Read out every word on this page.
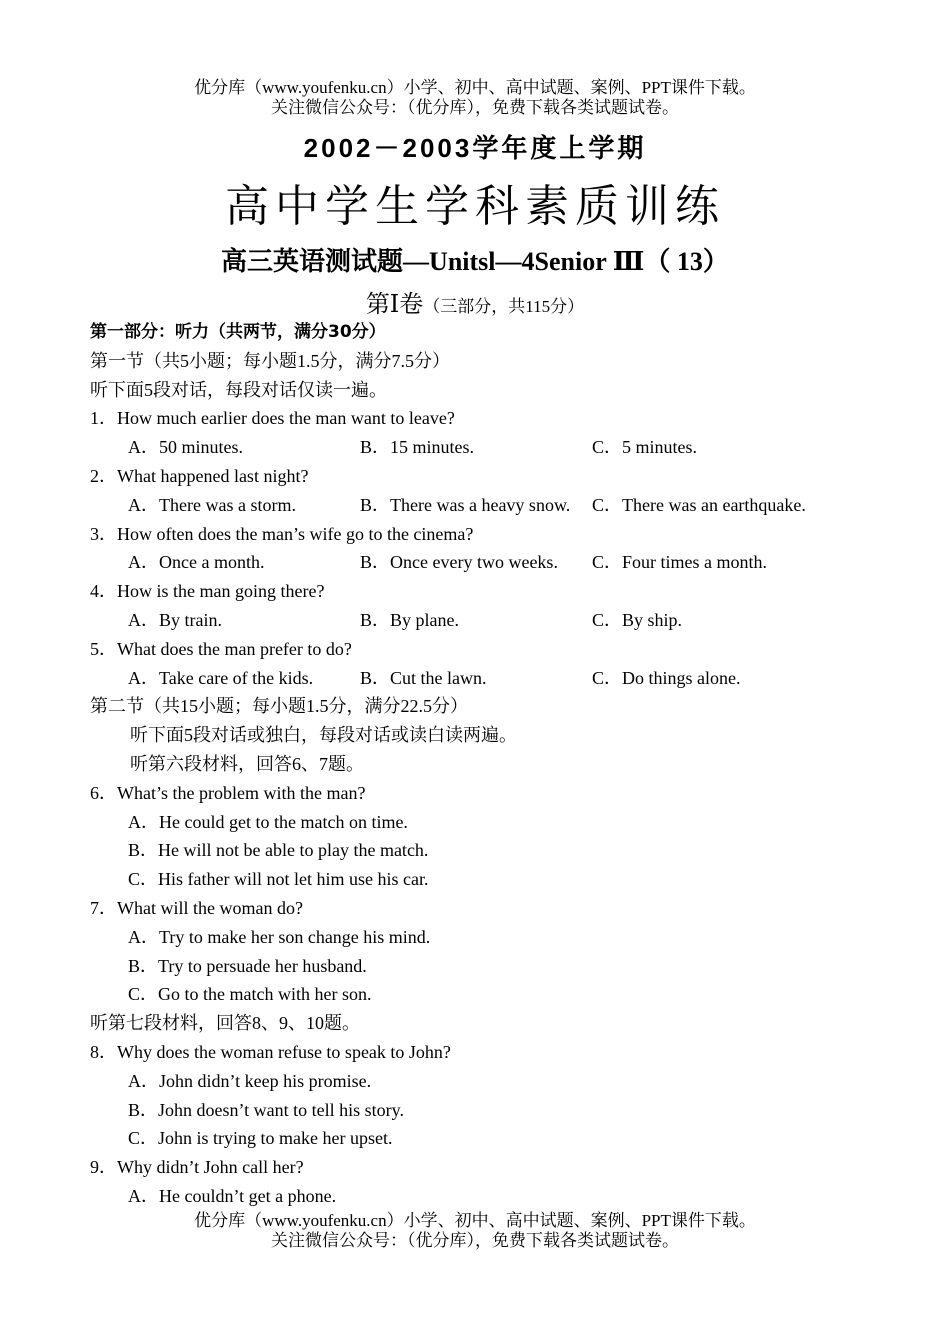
优分库（www.youfenku.cn）小学、初中、高中试题、案例、PPT课件下载。
关注微信公众号：（优分库），免费下载各类试题试卷。
2002－2003学年度上学期
高中学生学科素质训练
高三英语测试题—Unitsl—4Senior Ⅲ（ 13）
第Ⅰ卷（三部分，共115分）
第一部分：听力（共两节，满分30分）
第一节（共5小题；每小题1.5分，满分7.5分）
听下面5段对话，每段对话仅读一遍。
1．How much earlier does the man want to leave?
A．50 minutes.	B．15 minutes.	C．5 minutes.
2．What happened last night?
A．There was a storm.	B．There was a heavy snow. C．There was an earthquake.
3．How often does the man’s wife go to the cinema?
A．Once a month.	B．Once every two weeks. C．Four times a month.
4．How is the man going there?
A．By train.	B．By plane.	C．By ship.
5．What does the man prefer to do?
A．Take care of the kids.	B．Cut the lawn.	C．Do things alone.
第二节（共15小题；每小题1.5分，满分22.5分）
听下面5段对话或独白，每段对话或读白读两遍。
听第六段材料，回答6、7题。
6．What’s the problem with the man?
A．He could get to the match on time.
B．He will not be able to play the match.
C．His father will not let him use his car.
7．What will the woman do?
A．Try to make her son change his mind.
B．Try to persuade her husband.
C．Go to the match with her son.
听第七段材料，回答8、9、10题。
8．Why does the woman refuse to speak to John?
A．John didn’t keep his promise.
B．John doesn’t want to tell his story.
C．John is trying to make her upset.
9．Why didn’t John call her?
A．He couldn’t get a phone.
优分库（www.youfenku.cn）小学、初中、高中试题、案例、PPT课件下载。
关注微信公众号：（优分库），免费下载各类试题试卷。
